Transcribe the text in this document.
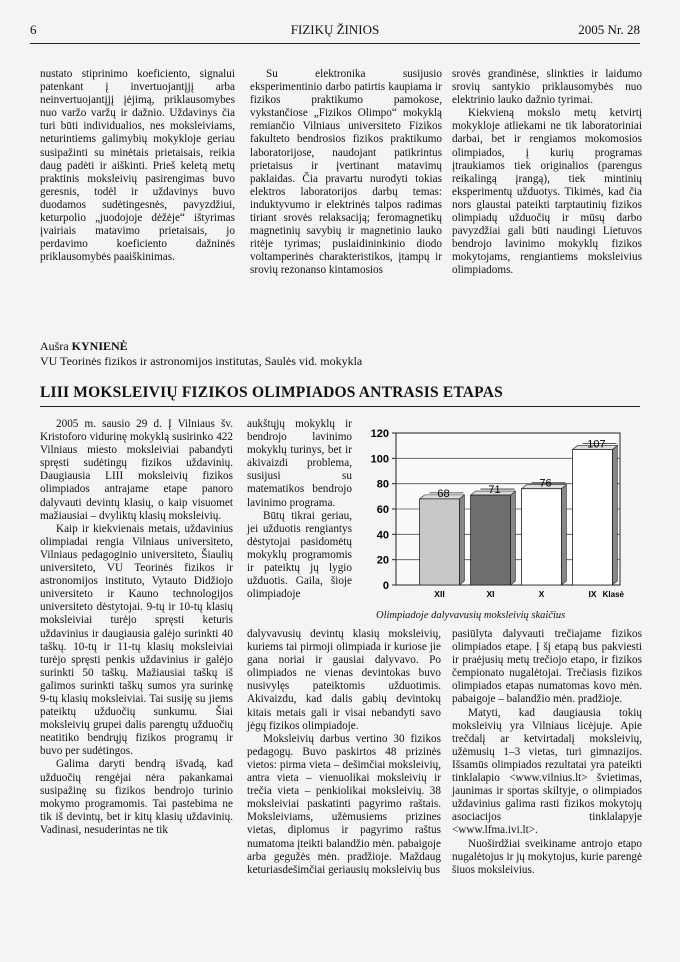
6	FIZIKŲ ŽINIOS	2005 Nr. 28

nustato stiprinimo koeficiento, signalui patenkant į invertuojantįjį arba neinvertuojantįjį įėjimą, priklausomybes nuo varžo varžų ir dažnio. Uždavinys čia turi būti individualios, nes moksleiviams, neturintiems galimybių mokykloje geriau susipažinti su minėtais prietaisais, reikia daug padėti ir aiškinti. Prieš keletą metų praktinis moksleivių pasirengimas buvo geresnis, todėl ir uždavinys buvo duodamos sudėtingesnės, pavyzdžiui, keturpolio „juodojoje dėžėje“ ištyrimas įvairiais matavimo prietaisais, jo perdavimo koeficiento dažninės priklausomybės paaiškinimas.

Su elektronika susijusio eksperimentinio darbo patirtis kaupiama ir fizikos praktikumo pamokose, vykstančiose „Fizikos Olimpo“ mokyklą remiančio Vilniaus universiteto Fizikos fakulteto bendrosios fizikos praktikumo laboratorijose, naudojant patikrintus prietaisus ir įvertinant matavimų paklaidas. Čia pravartu nurodyti tokias elektros laboratorijos darbų temas: induktyvumo ir elektrinės talpos radimas tiriant srovės relaksaciją; feromagnetikų magnetinių savybių ir magnetinio lauko ritėje tyrimas; puslaidininkinio diodo voltamperinės charakteristikos, įtampų ir srovių rezonanso kintamosios

srovės grandinėse, slinkties ir laidumo srovių santykio priklausomybės nuo elektrinio lauko dažnio tyrimai.

Kiekvieną mokslo metų ketvirtį mokykloje atliekami ne tik laboratoriniai darbai, bet ir rengiamos mokomosios olimpiados, į kurių programas įtraukiamos tiek originalios (parengus reikalingą įrangą), tiek mintinių eksperimentų užduotys. Tikimės, kad čia nors glaustai pateikti tarptautinių fizikos olimpiadų užduočių ir mūsų darbo pavyzdžiai gali būti naudingi Lietuvos bendrojo lavinimo mokyklų fizikos mokytojams, rengiantiems moksleivius olimpiadoms.

Aušra KYNIENĖ
VU Teorinės fizikos ir astronomijos institutas, Saulės vid. mokykla
LIII MOKSLEIVIŲ FIZIKOS OLIMPIADOS ANTRASIS ETAPAS

2005 m. sausio 29 d. Į Vilniaus šv. Kristoforo vidurinę mokyklą susirinko 422 Vilniaus miesto moksleiviai pabandyti spręsti sudėtingų fizikos uždavinių. Daugiausia LIII moksleivių fizikos olimpiados antrajame etape panoro dalyvauti devintų klasių, o kaip visuomet mažiausiai – dvyliktų klasių moksleivių.

Kaip ir kiekvienais metais, uždavinius olimpiadai rengia Vilniaus universiteto, Vilniaus pedagoginio universiteto, Šiaulių universiteto, VU Teorinės fizikos ir astronomijos instituto, Vytauto Didžiojo universiteto ir Kauno technologijos universiteto dėstytojai. 9-tų ir 10-tų klasių moksleiviai turėjo spręsti keturis uždavinius ir daugiausia galėjo surinkti 40 taškų. 10-tų ir 11-tų klasių moksleiviai turėjo spręsti penkis uždavinius ir galėjo surinkti 50 taškų. Mažiausiai taškų iš galimos surinkti taškų sumos yra surinkę 9-tų klasių moksleiviai. Tai susiję su jiems pateiktų užduočių sunkumu. Šiai moksleivių grupei dalis parengtų užduočių neatitiko bendrųjų fizikos programų ir buvo per sudėtingos.

Galima daryti bendrą išvadą, kad užduočių rengėjai nėra pakankamai susipažinę su fizikos bendrojo turinio mokymo programomis. Tai pastebima ne tik iš devintų, bet ir kitų klasių uždavinių. Vadinasi, nesuderintas ne tik

aukštųjų mokyklų ir bendrojo lavinimo mokyklų turinys, bet ir akivaizdi problema, susijusi su matematikos bendrojo lavinimo programa.

Būtų tikrai geriau, jei užduotis rengiantys dėstytojai pasidomėtų mokyklų programomis ir pateiktų jų lygio užduotis. Gaila, šioje olimpiadoje

dalyvavusių devintų klasių moksleivių, kuriems tai pirmoji olimpiada ir kuriose jie gana noriai ir gausiai dalyvavo. Po olimpiados ne vienas devintokas buvo nusivylęs pateiktomis užduotimis. Akivaizdu, kad dalis gabių devintokų kitais metais gali ir visai nebandyti savo jėgų fizikos olimpiadoje.

Moksleivių darbus vertino 30 fizikos pedagogų. Buvo paskirtos 48 prizinės vietos: pirma vieta – dešimčiai moksleivių, antra vieta – vienuolikai moksleivių ir trečia vieta – penkiolikai moksleivių. 38 moksleiviai paskatinti pagyrimo raštais. Moksleiviams, užėmusiems prizines vietas, diplomus ir pagyrimo raštus numatoma įteikti balandžio mėn. pabaigoje arba gegužės mėn. pradžioje. Maždaug keturiasdešimčiai geriausių moksleivių bus

pasiūlyta dalyvauti trečiajame fizikos olimpiados etape. Į šį etapą bus pakviesti ir praėjusių metų trečiojo etapo, ir fizikos čempionato nugalėtojai. Trečiasis fizikos olimpiados etapas numatomas kovo mėn. pabaigoje – balandžio mėn. pradžioje.

Matyti, kad daugiausia tokių moksleivių yra Vilniaus licėjuje. Apie trečdalį ar ketvirtadalį moksleivių, užėmusių 1–3 vietas, turi gimnazijos. Išsamūs olimpiados rezultatai yra pateikti tinklalapio <www.vilnius.lt> švietimas, jaunimas ir sportas skiltyje, o olimpiados uždavinius galima rasti fizikos mokytojų asociacijos tinklalapyje <www.lfma.ivi.lt>.

Nuoširdžiai sveikiname antrojo etapo nugalėtojus ir jų mokytojus, kurie parengė šiuos moksleivius.

0
20
40
60
80
100
120
68
XII
71
XI
76
X
107
IX Klasė
Olimpiadoje dalyvavusių moksleivių skaičius
